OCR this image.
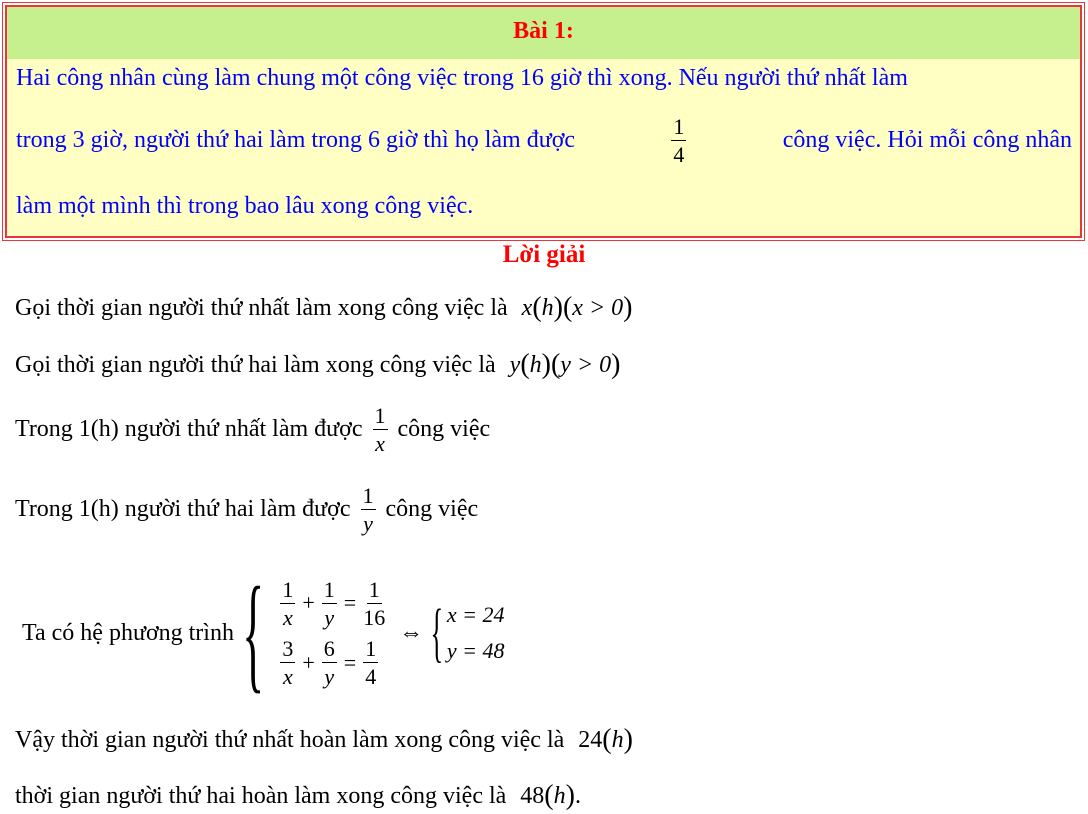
Bài 1:
Hai công nhân cùng làm chung một công việc trong 16 giờ thì xong. Nếu người thứ nhất làm
trong 3 giờ, người thứ hai làm trong 6 giờ thì họ làm được	$\frac{1}{4}$	công việc. Hỏi mỗi công nhân
làm một mình thì trong bao lâu xong công việc.
Lời giải
Gọi thời gian người thứ nhất làm xong công việc là x(h)(x > 0)
Gọi thời gian người thứ hai làm xong công việc là y(h)(y > 0)
Trong 1(h) người thứ nhất làm được $\frac{1}{x}$ công việc
Trong 1(h) người thứ hai làm được $\frac{1}{y}$ công việc
Ta có hệ phương trình { $\frac{1}{x} + \frac{1}{y} = \frac{1}{16}$
$\frac{3}{x} + \frac{6}{y} = \frac{1}{4}$
⇔ { x = 24
y = 48
Vậy thời gian người thứ nhất hoàn làm xong công việc là 24(h)
thời gian người thứ hai hoàn làm xong công việc là 48(h).
